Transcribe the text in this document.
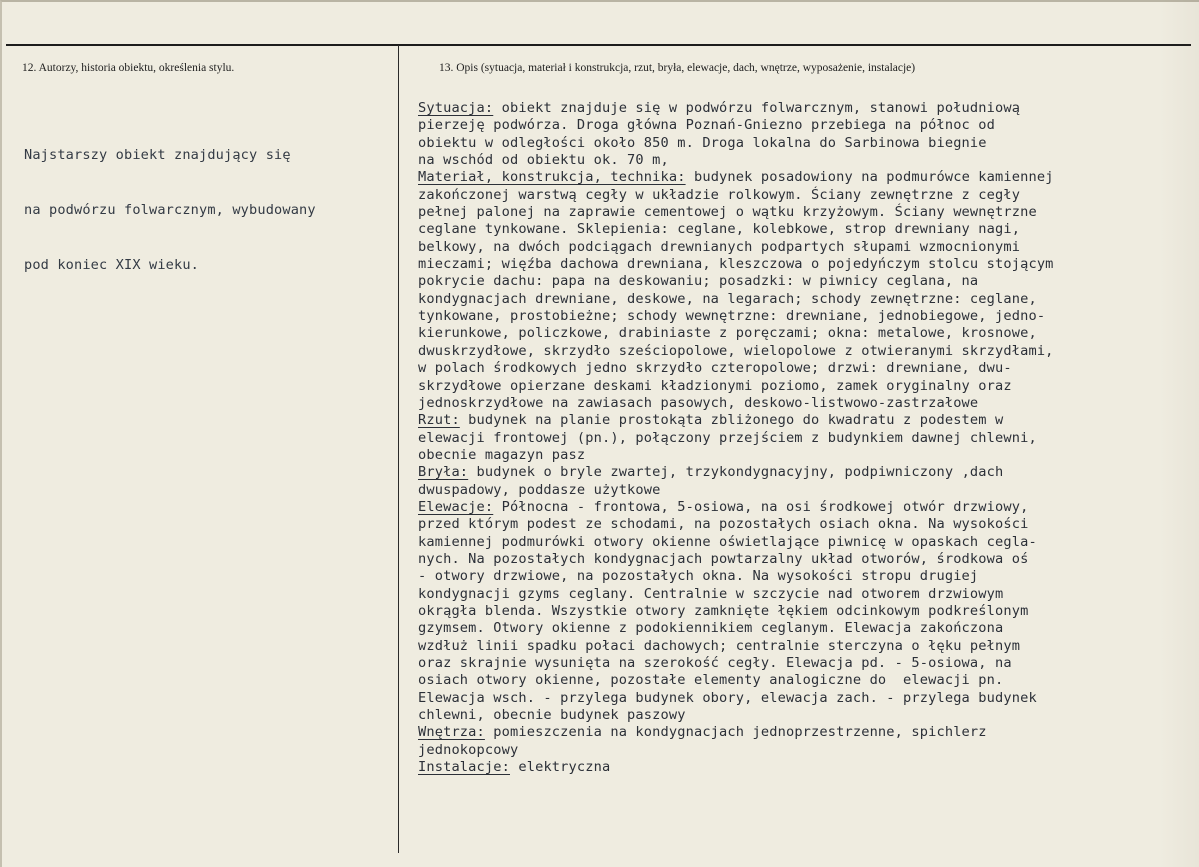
12. Autorzy, historia obiektu, określenia stylu.	13. Opis (sytuacja, materiał i konstrukcja, rzut, bryła, elewacje, dach, wnętrze, wyposażenie, instalacje)

Najstarszy obiekt znajdujący się

na podwórzu folwarcznym, wybudowany

pod koniec XIX wieku.

Sytuacja: obiekt znajduje się w podwórzu folwarcznym, stanowi południową
pierzeję podwórza. Droga główna Poznań-Gniezno przebiega na północ od
obiektu w odległości około 850 m. Droga lokalna do Sarbinowa biegnie
na wschód od obiektu ok. 70 m,
Materiał, konstrukcja, technika: budynek posadowiony na podmurówce kamiennej
zakończonej warstwą cegły w układzie rolkowym. Ściany zewnętrzne z cegły
pełnej palonej na zaprawie cementowej o wątku krzyżowym. Ściany wewnętrzne
ceglane tynkowane. Sklepienia: ceglane, kolebkowe, strop drewniany nagi,
belkowy, na dwóch podciągach drewnianych podpartych słupami wzmocnionymi
mieczami; więźba dachowa drewniana, kleszczowa o pojedyńczym stolcu stojącym
pokrycie dachu: papa na deskowaniu; posadzki: w piwnicy ceglana, na
kondygnacjach drewniane, deskowe, na legarach; schody zewnętrzne: ceglane,
tynkowane, prostobieżne; schody wewnętrzne: drewniane, jednobiegowe, jedno-
kierunkowe, policzkowe, drabiniaste z poręczami; okna: metalowe, krosnowe,
dwuskrzydłowe, skrzydło sześciopolowe, wielopolowe z otwieranymi skrzydłami,
w polach środkowych jedno skrzydło czteropolowe; drzwi: drewniane, dwu-
skrzydłowe opierzane deskami kładzionymi poziomo, zamek oryginalny oraz
jednoskrzydłowe na zawiasach pasowych, deskowo-listwowo-zastrzałowe
Rzut: budynek na planie prostokąta zbliżonego do kwadratu z podestem w
elewacji frontowej (pn.), połączony przejściem z budynkiem dawnej chlewni,
obecnie magazyn pasz
Bryła: budynek o bryle zwartej, trzykondygnacyjny, podpiwniczony ,dach
dwuspadowy, poddasze użytkowe
Elewacje: Północna - frontowa, 5-osiowa, na osi środkowej otwór drzwiowy,
przed którym podest ze schodami, na pozostałych osiach okna. Na wysokości
kamiennej podmurówki otwory okienne oświetlające piwnicę w opaskach cegla-
nych. Na pozostałych kondygnacjach powtarzalny układ otworów, środkowa oś
- otwory drzwiowe, na pozostałych okna. Na wysokości stropu drugiej
kondygnacji gzyms ceglany. Centralnie w szczycie nad otworem drzwiowym
okrągła blenda. Wszystkie otwory zamknięte łękiem odcinkowym podkreślonym
gzymsem. Otwory okienne z podokiennikiem ceglanym. Elewacja zakończona
wzdłuż linii spadku połaci dachowych; centralnie sterczyna o łęku pełnym
oraz skrajnie wysunięta na szerokość cegły. Elewacja pd. - 5-osiowa, na
osiach otwory okienne, pozostałe elementy analogiczne do  elewacji pn.
Elewacja wsch. - przylega budynek obory, elewacja zach. - przylega budynek
chlewni, obecnie budynek paszowy
Wnętrza: pomieszczenia na kondygnacjach jednoprzestrzenne, spichlerz
jednokopcowy
Instalacje: elektryczna
